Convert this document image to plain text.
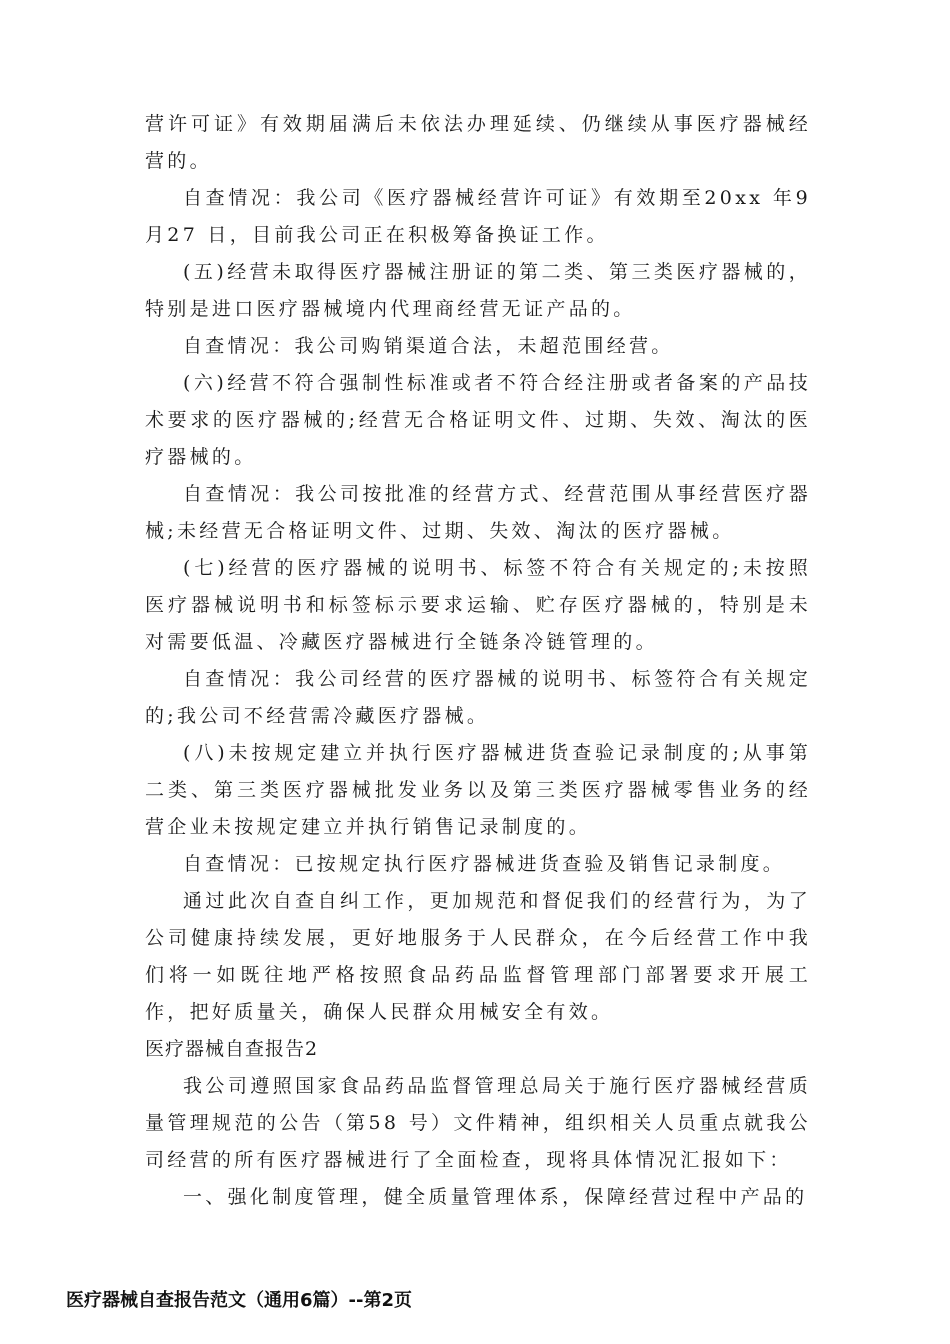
营许可证》有效期届满后未依法办理延续、仍继续从事医疗器械经营的。

自查情况：我公司《医疗器械经营许可证》有效期至20xx 年9 月27 日，目前我公司正在积极筹备换证工作。

(五)经营未取得医疗器械注册证的第二类、第三类医疗器械的，特别是进口医疗器械境内代理商经营无证产品的。

自查情况：我公司购销渠道合法，未超范围经营。

(六)经营不符合强制性标准或者不符合经注册或者备案的产品技术要求的医疗器械的;经营无合格证明文件、过期、失效、淘汰的医疗器械的。

自查情况：我公司按批准的经营方式、经营范围从事经营医疗器械;未经营无合格证明文件、过期、失效、淘汰的医疗器械。

(七)经营的医疗器械的说明书、标签不符合有关规定的;未按照医疗器械说明书和标签标示要求运输、贮存医疗器械的，特别是未对需要低温、冷藏医疗器械进行全链条冷链管理的。

自查情况：我公司经营的医疗器械的说明书、标签符合有关规定的;我公司不经营需冷藏医疗器械。

(八)未按规定建立并执行医疗器械进货查验记录制度的;从事第二类、第三类医疗器械批发业务以及第三类医疗器械零售业务的经营企业未按规定建立并执行销售记录制度的。

自查情况：已按规定执行医疗器械进货查验及销售记录制度。

通过此次自查自纠工作，更加规范和督促我们的经营行为，为了公司健康持续发展，更好地服务于人民群众，在今后经营工作中我们将一如既往地严格按照食品药品监督管理部门部署要求开展工作，把好质量关，确保人民群众用械安全有效。

医疗器械自查报告2

我公司遵照国家食品药品监督管理总局关于施行医疗器械经营质量管理规范的公告（第58 号）文件精神，组织相关人员重点就我公司经营的所有医疗器械进行了全面检查，现将具体情况汇报如下：

一、强化制度管理，健全质量管理体系，保障经营过程中产品的

医疗器械自查报告范文（通用6篇）--第2页
